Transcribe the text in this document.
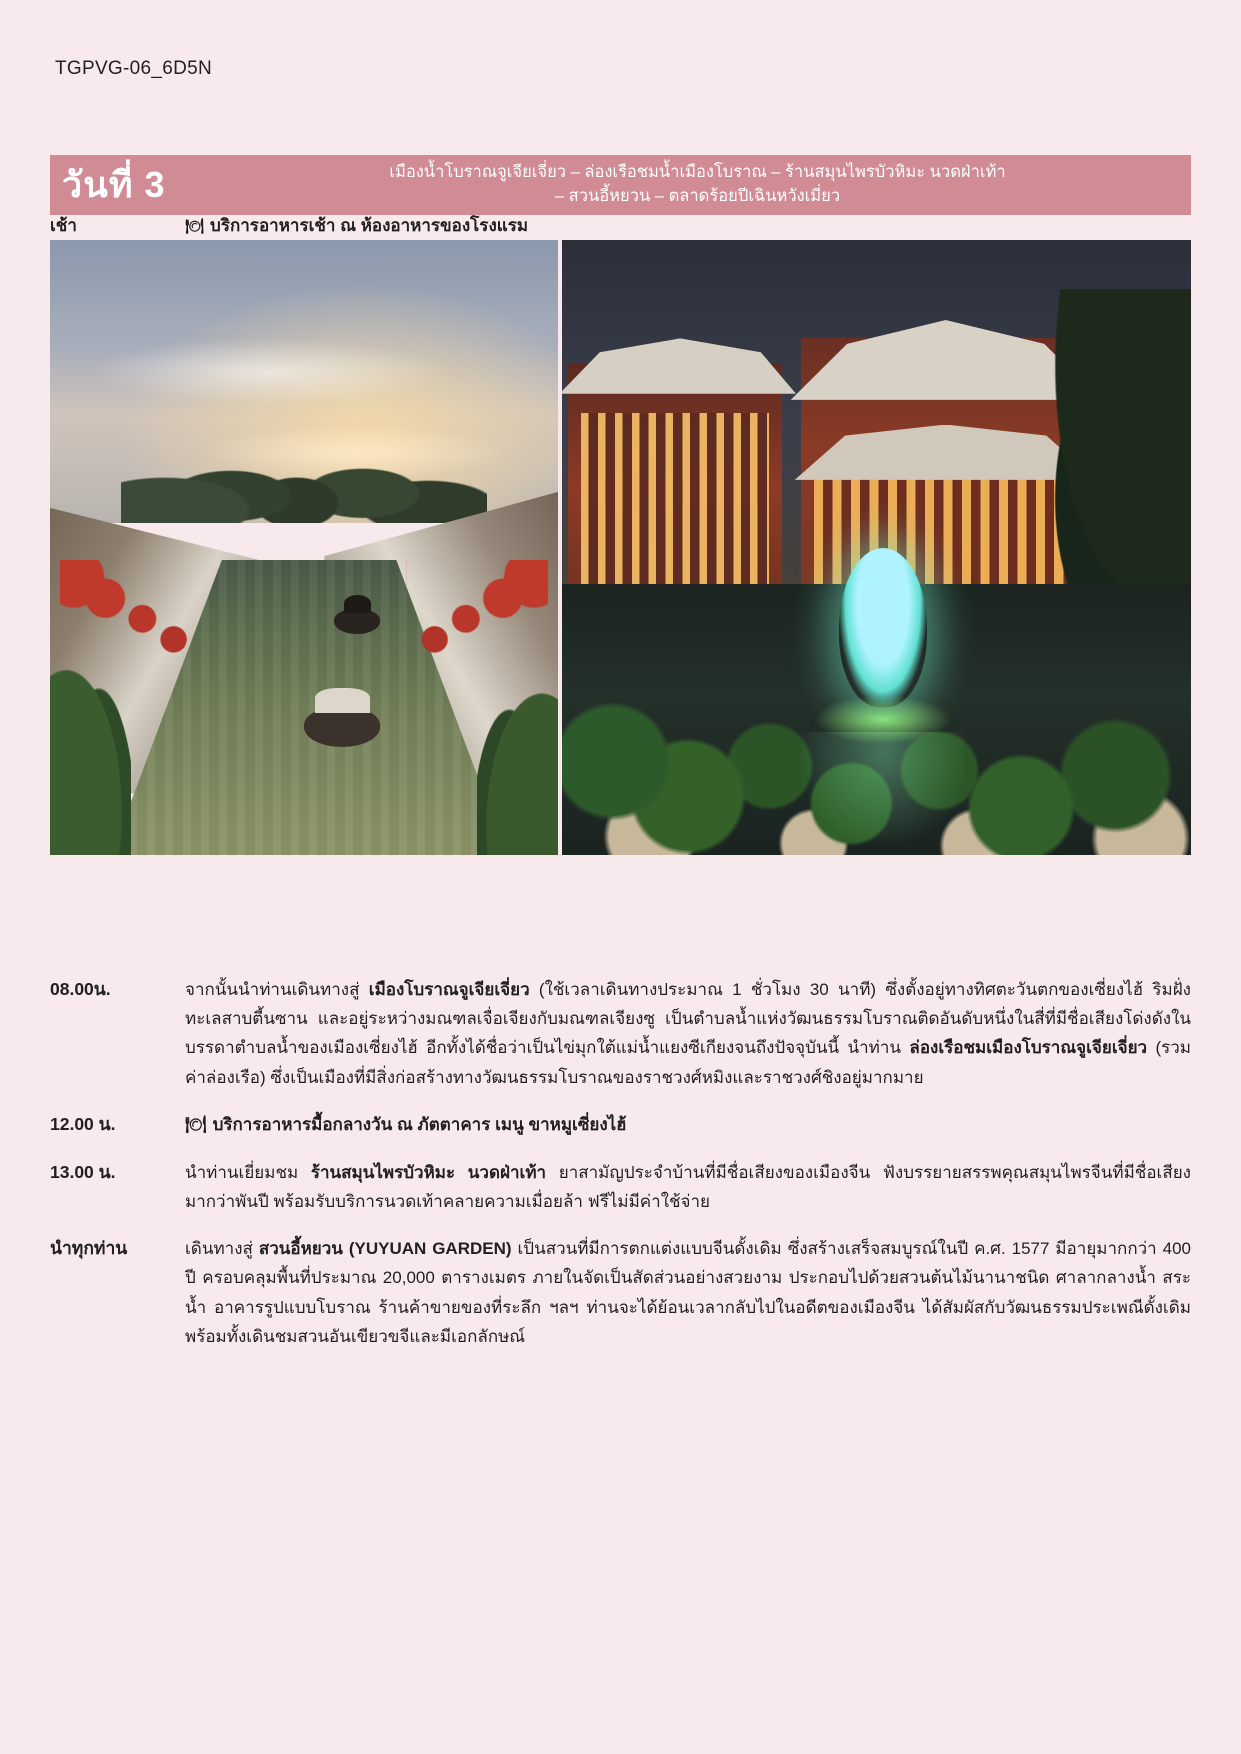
TGPVG-06_6D5N
วันที่ 3	เมืองน้ำโบราณจูเจียเจี่ยว – ล่องเรือชมน้ำเมืองโบราณ – ร้านสมุนไพรบัวหิมะ นวดฝ่าเท้า
– สวนอี้หยวน – ตลาดร้อยปีเฉินหวังเมี่ยว
เช้า	🍽 บริการอาหารเช้า ณ ห้องอาหารของโรงแรม
08.00น.	จากนั้นนำท่านเดินทางสู่ เมืองโบราณจูเจียเจี่ยว (ใช้เวลาเดินทางประมาณ 1 ชั่วโมง 30 นาที) ซึ่งตั้งอยู่ทางทิศตะวันตกของเซี่ยงไฮ้ ริมฝั่งทะเลสาบตี้นซาน และอยู่ระหว่างมณฑลเจื่อเจียงกับมณฑลเจียงซู เป็นตำบลน้ำแห่งวัฒนธรรมโบราณติดอันดับหนึ่งในสี่ที่มีชื่อเสียงโด่งดังในบรรดาตำบลน้ำของเมืองเซี่ยงไฮ้ อีกทั้งได้ชื่อว่าเป็นไข่มุกใต้แม่น้ำแยงซีเกียงจนถึงปัจจุบันนี้ นำท่าน ล่องเรือชมเมืองโบราณจูเจียเจี่ยว (รวมค่าล่องเรือ) ซึ่งเป็นเมืองที่มีสิ่งก่อสร้างทางวัฒนธรรมโบราณของราชวงศ์หมิงและราชวงศ์ชิงอยู่มากมาย
12.00 น.	🍽 บริการอาหารมื้อกลางวัน ณ ภัตตาคาร เมนู ขาหมูเซี่ยงไฮ้
13.00 น.	นำท่านเยี่ยมชม ร้านสมุนไพรบัวหิมะ นวดฝ่าเท้า ยาสามัญประจำบ้านที่มีชื่อเสียงของเมืองจีน ฟังบรรยายสรรพคุณสมุนไพรจีนที่มีชื่อเสียงมากว่าพันปี พร้อมรับบริการนวดเท้าคลายความเมื่อยล้า ฟรีไม่มีค่าใช้จ่าย
นำทุกท่าน	เดินทางสู่ สวนอี้หยวน (YUYUAN GARDEN) เป็นสวนที่มีการตกแต่งแบบจีนดั้งเดิม ซึ่งสร้างเสร็จสมบูรณ์ในปี ค.ศ. 1577 มีอายุมากกว่า 400 ปี ครอบคลุมพื้นที่ประมาณ 20,000 ตารางเมตร ภายในจัดเป็นสัดส่วนอย่างสวยงาม ประกอบไปด้วยสวนต้นไม้นานาชนิด ศาลากลางน้ำ สระน้ำ อาคารรูปแบบโบราณ ร้านค้าขายของที่ระลึก ฯลฯ ท่านจะได้ย้อนเวลากลับไปในอดีตของเมืองจีน ได้สัมผัสกับวัฒนธรรมประเพณีดั้งเดิม พร้อมทั้งเดินชมสวนอันเขียวขจีและมีเอกลักษณ์
